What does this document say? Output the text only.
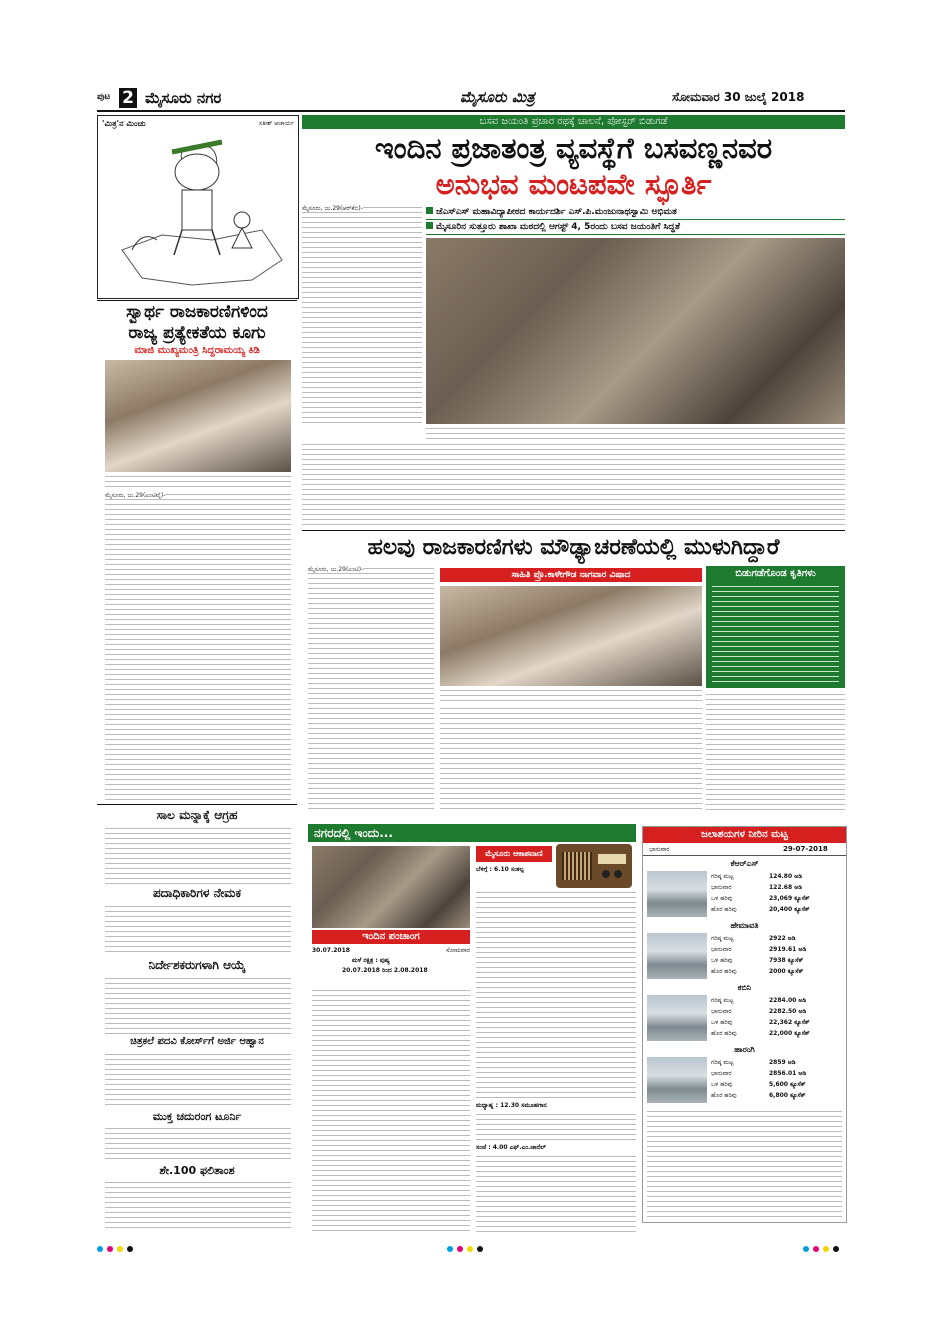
ಪುಟ 2 ಮೈಸೂರು ನಗರ	ಮೈಸೂರು ಮಿತ್ರ	ಸೋಮವಾರ 30 ಜುಲೈ 2018
'ಮಿತ್ರ'ನ ಮಿಂಚು	ಸತೀಶ್ ಆಚಾರ್ಯ	ಬಸವ ಜಯಂತಿ ಪ್ರಚಾರ ರಥಕ್ಕೆ ಚಾಲನೆ, ಪೋಸ್ಟರ್ ಬಿಡುಗಡೆ
ಇಂದಿನ ಪ್ರಜಾತಂತ್ರ ವ್ಯವಸ್ಥೆಗೆ ಬಸವಣ್ಣನವರ
ಅನುಭವ ಮಂಟಪವೇ ಸ್ಫೂರ್ತಿ
ಮೈಸೂರು, ಜು.29(ಆರ್‌ಕೆಬಿ)-	ಜೆಎಸ್ಎಸ್ ಮಹಾವಿದ್ಯಾಪೀಠದ ಕಾರ್ಯದರ್ಶಿ ಎಸ್.ಪಿ.ಮಂಜುನಾಥಸ್ವಾಮಿ ಅಭಿಮತ
ಮೈಸೂರಿನ ಸುತ್ತೂರು ಶಾಖಾ ಮಠದಲ್ಲಿ ಆಗಸ್ಟ್ 4, 5ರಂದು ಬಸವ ಜಯಂತಿಗೆ ಸಿದ್ಧತೆ
ಸ್ವಾರ್ಥ ರಾಜಕಾರಣಿಗಳಿಂದ
ರಾಜ್ಯ ಪ್ರತ್ಯೇಕತೆಯ ಕೂಗು
ಮಾಜಿ ಮುಖ್ಯಮಂತ್ರಿ ಸಿದ್ದರಾಮಯ್ಯ ಕಿಡಿ
ಮೈಸೂರು, ಜು.29(ಎಂಟಿವೈ)-
ಸಾಲ ಮನ್ನಾಕ್ಕೆ ಆಗ್ರಹ
ಪದಾಧಿಕಾರಿಗಳ ನೇಮಕ
ನಿರ್ದೇಶಕರುಗಳಾಗಿ ಆಯ್ಕೆ
ಚಿತ್ರಕಲೆ ಪದವಿ ಕೋರ್ಸ್‌ಗೆ ಅರ್ಜಿ ಆಹ್ವಾನ
ಮುಕ್ತ ಚದುರಂಗ ಟೂರ್ನಿ
ಶೇ.100 ಫಲಿತಾಂಶ
ಹಲವು ರಾಜಕಾರಣಿಗಳು ಮೌಢ್ಯಾಚರಣೆಯಲ್ಲಿ ಮುಳುಗಿದ್ದಾರೆ
ಮೈಸೂರು, ಜು.29(ಎಂಟಿ)-
ಸಾಹಿತಿ ಪ್ರೊ.ಕಾಳೇಗೌಡ ನಾಗವಾರ ವಿಷಾದ	ಬಿಡುಗಡೆಗೊಂಡ ಕೃತಿಗಳು
ನಗರದಲ್ಲಿ ಇಂದು...
ಇಂದಿನ ಪಂಚಾಂಗ
30.07.2018	ಸೋಮವಾರ
ಮಳೆ ನಕ್ಷತ್ರ : ಪುಷ್ಯ
20.07.2018 ರಿಂದ 2.08.2018
ಮೈಸೂರು ಆಕಾಶವಾಣಿ
ಬೆಳಿಗ್ಗೆ : 6.10 ಸಂಕಲ್ಪ
ಮಧ್ಯಾಹ್ನ : 12.30 ಸಮೂಹಗಾನ
ಸಂಜೆ : 4.00 ಎಫ್.ಎಂ.ಚಾನೆಲ್
ಜಲಾಶಯಗಳ ನೀರಿನ ಮಟ್ಟ
ಭಾನುವಾರ	29-07-2018
ಕೆಆರ್‌ಎಸ್
ಗರಿಷ್ಠ ಮಟ್ಟ	124.80 ಅಡಿ
ಭಾನುವಾರ	122.68 ಅಡಿ
ಒಳ ಹರಿವು	23,069 ಕ್ಯೂಸೆಕ್
ಹೊರ ಹರಿವು	20,400 ಕ್ಯೂಸೆಕ್
ಹೇಮಾವತಿ
ಗರಿಷ್ಠ ಮಟ್ಟ	2922 ಅಡಿ
ಭಾನುವಾರ	2919.61 ಅಡಿ
ಒಳ ಹರಿವು	7938 ಕ್ಯೂಸೆಕ್
ಹೊರ ಹರಿವು	2000 ಕ್ಯೂಸೆಕ್
ಕಬಿನಿ
ಗರಿಷ್ಠ ಮಟ್ಟ	2284.00 ಅಡಿ
ಭಾನುವಾರ	2282.50 ಅಡಿ
ಒಳ ಹರಿವು	22,362 ಕ್ಯೂಸೆಕ್
ಹೊರ ಹರಿವು	22,000 ಕ್ಯೂಸೆಕ್
ಹಾರಂಗಿ
ಗರಿಷ್ಠ ಮಟ್ಟ	2859 ಅಡಿ
ಭಾನುವಾರ	2856.01 ಅಡಿ
ಒಳ ಹರಿವು	5,600 ಕ್ಯೂಸೆಕ್
ಹೊರ ಹರಿವು	6,800 ಕ್ಯೂಸೆಕ್
